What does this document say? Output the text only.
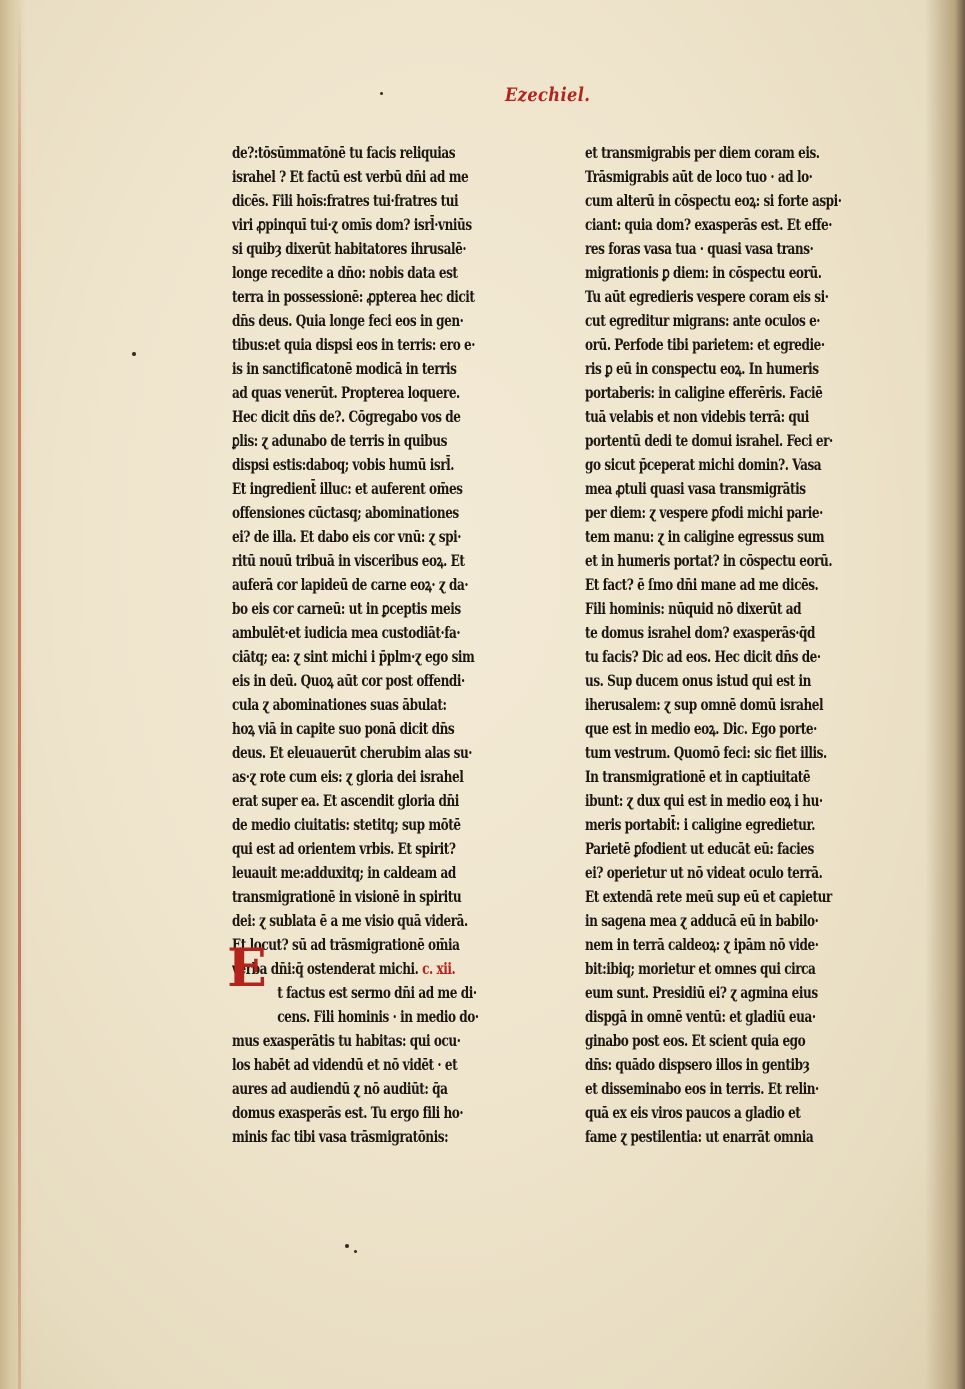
Ezechiel.
de?:tōsūmmatōnē tu facis reliquias
israhel ? Et factū est verbū dn̄i ad me
dicēs. Fili hoīs:fratres tui·fratres tui
viri ꝓpinquī tui·ɀ omīs dom? isrl̄·vniūs
si quibȝ dixerūt habitatores ihrusalē·
longe recedite a dn̄o: nobis data est
terra in possessionē: ꝓpterea hec dicit
dn̄s deus. Quia longe feci eos in gen·
tibus:et quia dispsi eos in terris: ero e·
is in sanctificatonē modicā in terris
ad quas venerūt. Propterea loquere.
Hec dicit dn̄s de?. Cōgregabo vos de
ꝑlis: ɀ adunabo de terris in quibus
dispsi estis:daboq; vobis humū isrl̄.
Et ingredient̄ illuc: et auferent om̄es
offensiones cūctasq; abominationes
ei? de illa. Et dabo eis cor vnū: ɀ spi·
ritū nouū tribuā in visceribus eoꝝ. Et
auferā cor lapideū de carne eoꝝ· ɀ da·
bo eis cor carneū: ut in ꝑceptis meis
ambulēt·et iudicia mea custodiāt·fa·
ciātq; ea: ɀ sint michi i p̄plm·ɀ ego sim
eis in deū. Quoꝝ aūt cor post offendi·
cula ɀ abominationes suas ābulat:
hoꝝ viā in capite suo ponā dicit dn̄s
deus. Et eleuauerūt cherubim alas su·
as·ɀ rote cum eis: ɀ gloria dei israhel
erat super ea. Et ascendit gloria dn̄i
de medio ciuitatis: stetitq; sup mōtē
qui est ad orientem vrbis. Et spirit?
leuauit me:adduxitq; in caldeam ad
transmigrationē in visionē in spiritu
dei: ɀ sublata ē a me visio quā viderā.
Et locut? sū ad trāsmigrationē om̄ia
verba dn̄i:q̄ ostenderat michi. c. xii.
t factus est sermo dn̄i ad me di·
cens. Fili hominis · in medio do·
mus exasperātis tu habitas: qui ocu·
los habēt ad videndū et nō vidēt · et
aures ad audiendū ɀ nō audiūt: q̄a
domus exasperās est. Tu ergo fili ho·
minis fac tibi vasa trāsmigratōnis:
E
et transmigrabis per diem coram eis.
Trāsmigrabis aūt de loco tuo · ad lo·
cum alterū in cōspectu eoꝝ: si forte aspi·
ciant: quia dom? exasperās est. Et effe·
res foras vasa tua · quasi vasa trans·
migrationis ꝑ diem: in cōspectu eorū.
Tu aūt egredieris vespere coram eis si·
cut egreditur migrans: ante oculos e·
orū. Perfode tibi parietem: et egredie·
ris ꝑ eū in conspectu eoꝝ. In humeris
portaberis: in caligine efferēris. Faciē
tuā velabis et non videbis terrā: qui
portentū dedi te domui israhel. Feci er·
go sicut p̄ceperat michi domin?. Vasa
mea ꝓtuli quasi vasa transmigrātis
per diem: ɀ vespere ꝑfodi michi parie·
tem manu: ɀ in caligine egressus sum
et in humeris portat? in cōspectu eorū.
Et fact? ē ſmo dn̄i mane ad me dicēs.
Fili hominis: nūquid nō dixerūt ad
te domus israhel dom? exasperās·q̄d
tu facis? Dic ad eos. Hec dicit dn̄s de·
us. Sup ducem onus istud qui est in
iherusalem: ɀ sup omnē domū israhel
que est in medio eoꝝ. Dic. Ego porte·
tum vestrum. Quomō feci: sic fiet illis.
In transmigrationē et in captiuitatē
ibunt: ɀ dux qui est in medio eoꝝ i hu·
meris portabit̄: i caligine egredietur.
Parietē ꝑfodient ut educāt eū: facies
ei? operietur ut nō videat oculo terrā.
Et extendā rete meū sup eū et capietur
in sagena mea ɀ adducā eū in babilo·
nem in terrā caldeoꝝ: ɀ ipām nō vide·
bit:ibiq; morietur et omnes qui circa
eum sunt. Presidiū ei? ɀ agmina eius
dispgā in omnē ventū: et gladiū eua·
ginabo post eos. Et scient quia ego
dn̄s: quādo dispsero illos in gentibȝ
et disseminabo eos in terris. Et relin·
quā ex eis viros paucos a gladio et
fame ɀ pestilentia: ut enarrāt omnia
